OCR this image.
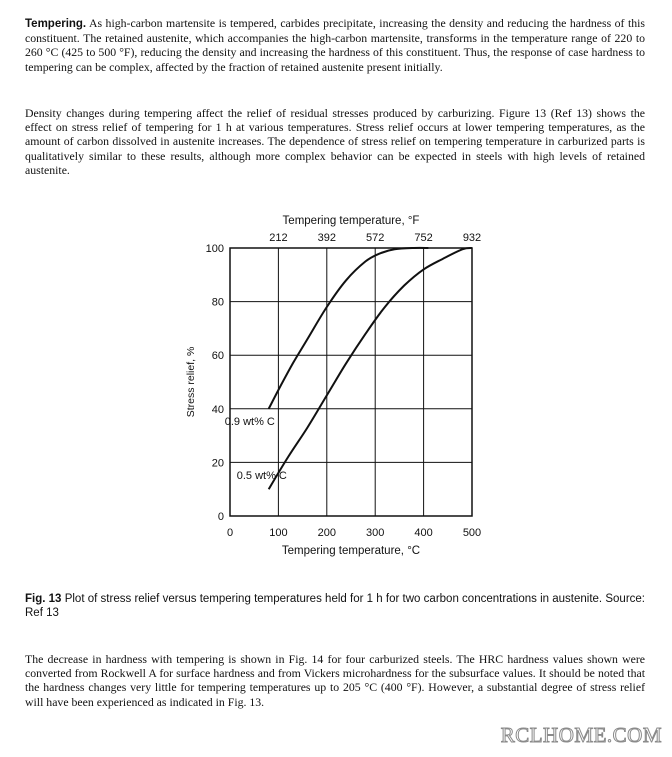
Tempering. As high-carbon martensite is tempered, carbides precipitate, increasing the density and reducing the hardness of this constituent. The retained austenite, which accompanies the high-carbon martensite, transforms in the temperature range of 220 to 260 °C (425 to 500 °F), reducing the density and increasing the hardness of this constituent. Thus, the response of case hardness to tempering can be complex, affected by the fraction of retained austenite present initially.

Density changes during tempering affect the relief of residual stresses produced by carburizing. Figure 13 (Ref 13) shows the effect on stress relief of tempering for 1 h at various temperatures. Stress relief occurs at lower tempering temperatures, as the amount of carbon dissolved in austenite increases. The dependence of stress relief on tempering temperature in carburized parts is qualitatively similar to these results, although more complex behavior can be expected in steels with high levels of retained austenite.

0	100	200	300	400	500
0
20
40
60
80
100
212	392	572	752	932
Tempering temperature, °F
Tempering temperature, °C
Stress relief, %
0.9 wt% C
0.5 wt% C
Fig. 13 Plot of stress relief versus tempering temperatures held for 1 h for two carbon concentrations in austenite. Source: Ref 13

The decrease in hardness with tempering is shown in Fig. 14 for four carburized steels. The HRC hardness values shown were converted from Rockwell A for surface hardness and from Vickers microhardness for the subsurface values. It should be noted that the hardness changes very little for tempering temperatures up to 205 °C (400 °F). However, a substantial degree of stress relief will have been experienced as indicated in Fig. 13.

RCLHOME.COM
